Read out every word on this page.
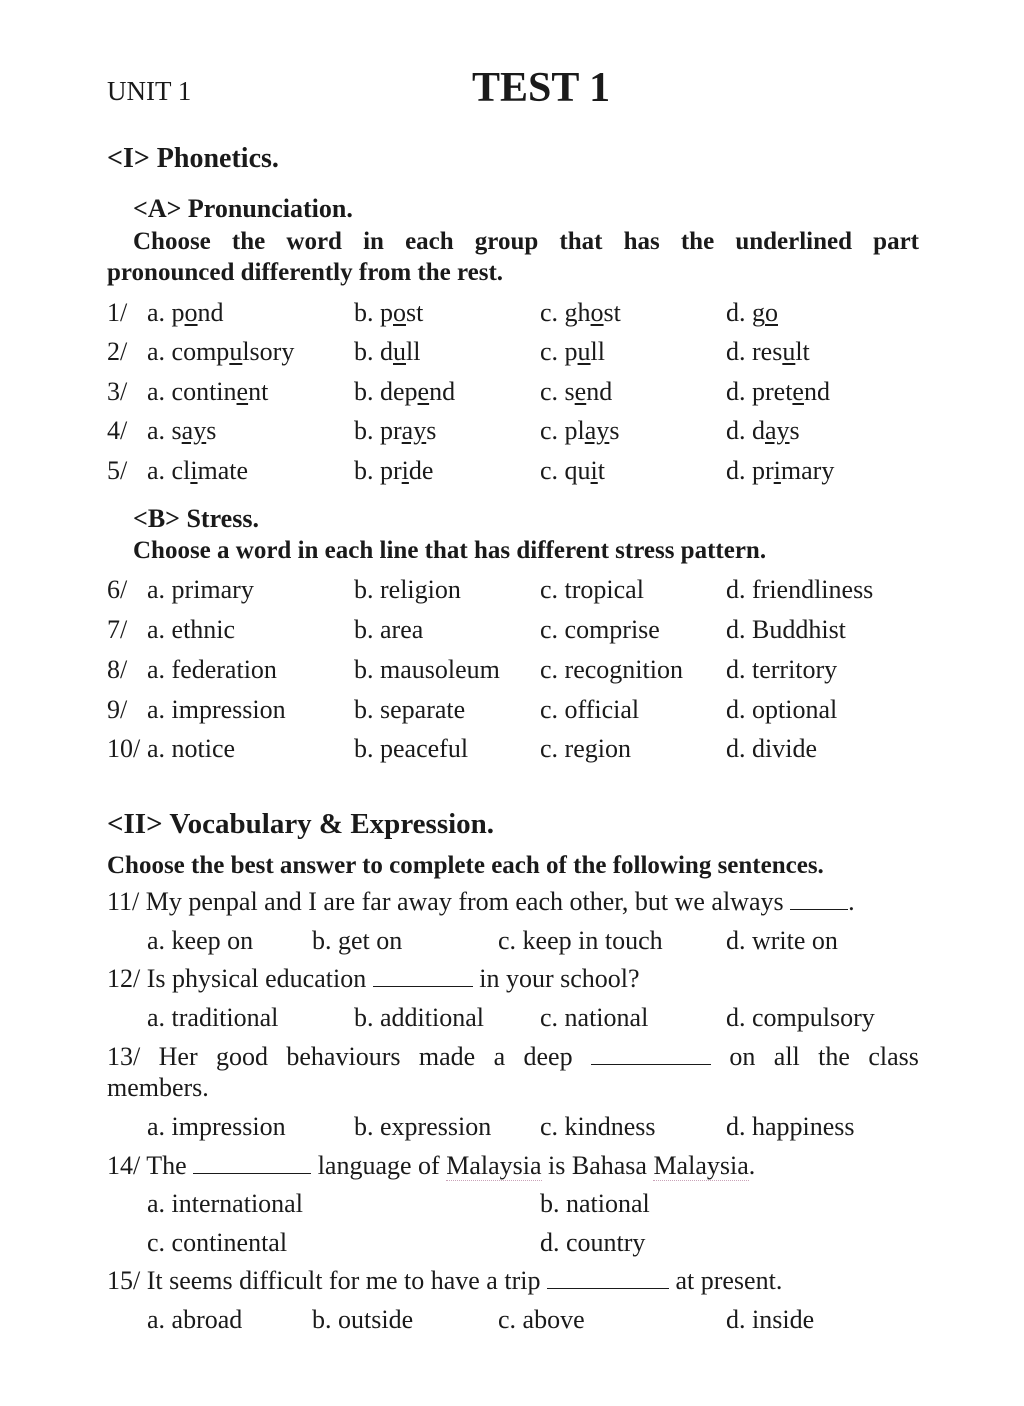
UNIT 1	TEST 1
<I> Phonetics.
<A> Pronunciation.
Choose the word in each group that has the underlined part
pronounced differently from the rest.
1/ a. pond	b. post	c. ghost	d. go
2/ a. compulsory b. dull	c. pull	d. result
3/ a. continent	b. depend	c. send	d. pretend
4/ a. says	b. prays	c. plays	d. days
5/ a. climate	b. pride	c. quit	d. primary
<B> Stress.
Choose a word in each line that has different stress pattern.
6/ a. primary	b. religion	c. tropical	d. friendliness
7/ a. ethnic	b. area	c. comprise	d. Buddhist
8/ a. federation	b. mausoleum c. recognition d. territory
9/ a. impression	b. separate	c. official	d. optional
10/ a. notice	b. peaceful	c. region	d. divide
<II> Vocabulary & Expression.
Choose the best answer to complete each of the following sentences.
11/ My penpal and I are far away from each other, but we always .
a. keep on b. get on	c. keep in touch d. write on
12/ Is physical education	in your school?
a. traditional	b. additional c. national	d. compulsory
13/ Her good behaviours made a deep	on all the class
members.
a. impression	b. expression c. kindness	d. happiness
14/ The	language of Malaysia is Bahasa Malaysia.
a. international	b. national
c. continental	d. country
15/ It seems difficult for me to have a trip	at present.
a. abroad	b. outside	c. above	d. inside
